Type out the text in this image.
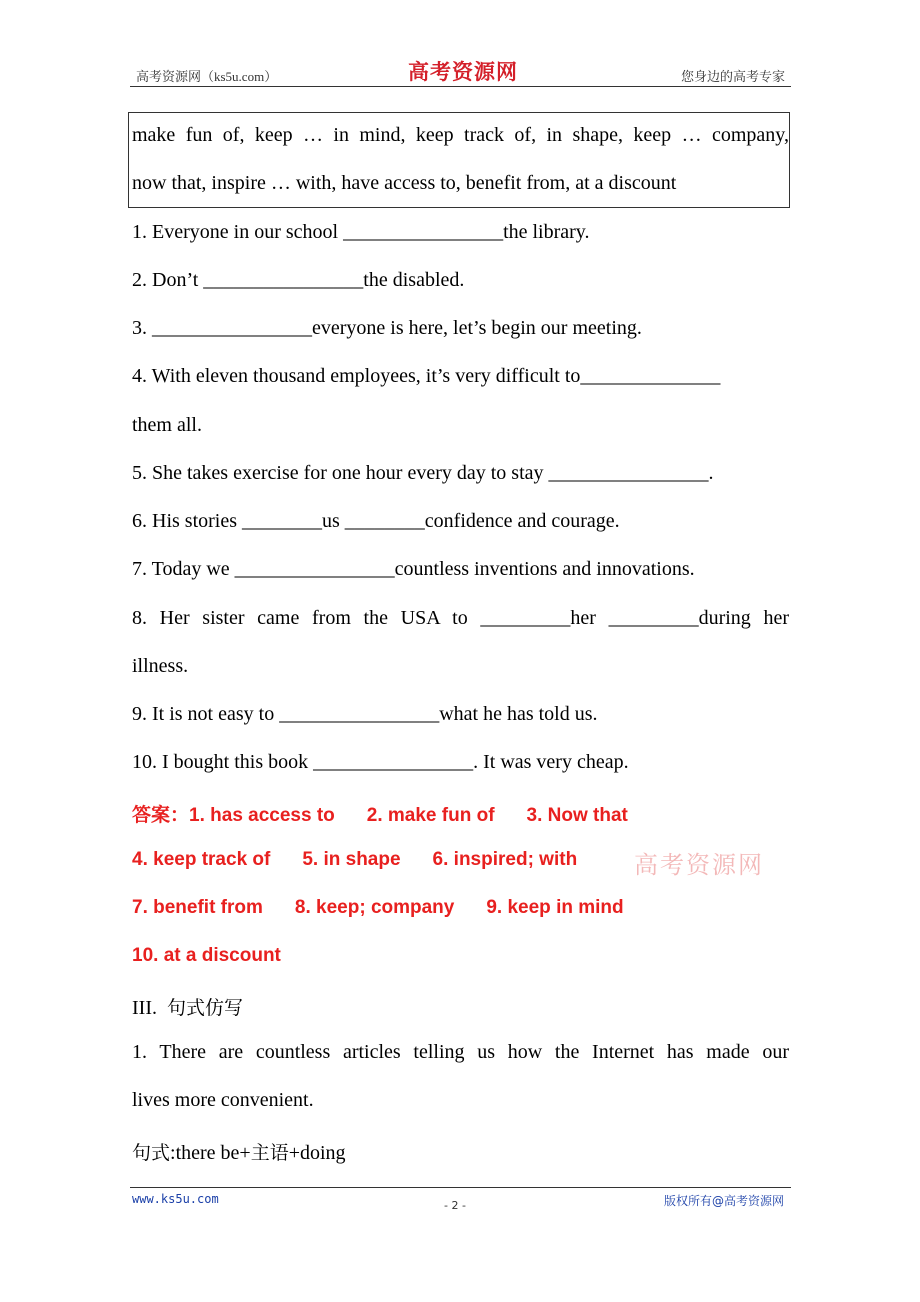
高考资源网（ks5u.com）	高考资源网	您身边的高考专家
make fun of, keep … in mind, keep track of, in shape, keep … company,
now that, inspire … with, have access to, benefit from, at a discount
1. Everyone in our school ________________the library.
2. Don’t ________________the disabled.
3. ________________everyone is here, let’s begin our meeting.
4. With eleven thousand employees, it’s very difficult to______________
them all.
5. She takes exercise for one hour every day to stay ________________.
6. His stories ________us ________confidence and courage.
7. Today we ________________countless inventions and innovations.
8. Her sister came from the USA to _________her _________during her
illness.
9. It is not easy to ________________what he has told us.
10. I bought this book ________________. It was very cheap.
答案：1. has access to 2. make fun of 3. Now that
4. keep track of 5. in shape 6. inspired; with 高考资源网
7. benefit from 8. keep; company 9. keep in mind
10. at a discount
III. 句式仿写
1. There are countless articles telling us how the Internet has made our
lives more convenient.
句式:there be+主语+doing
www.ks5u.com	- 2 -	版权所有@高考资源网
